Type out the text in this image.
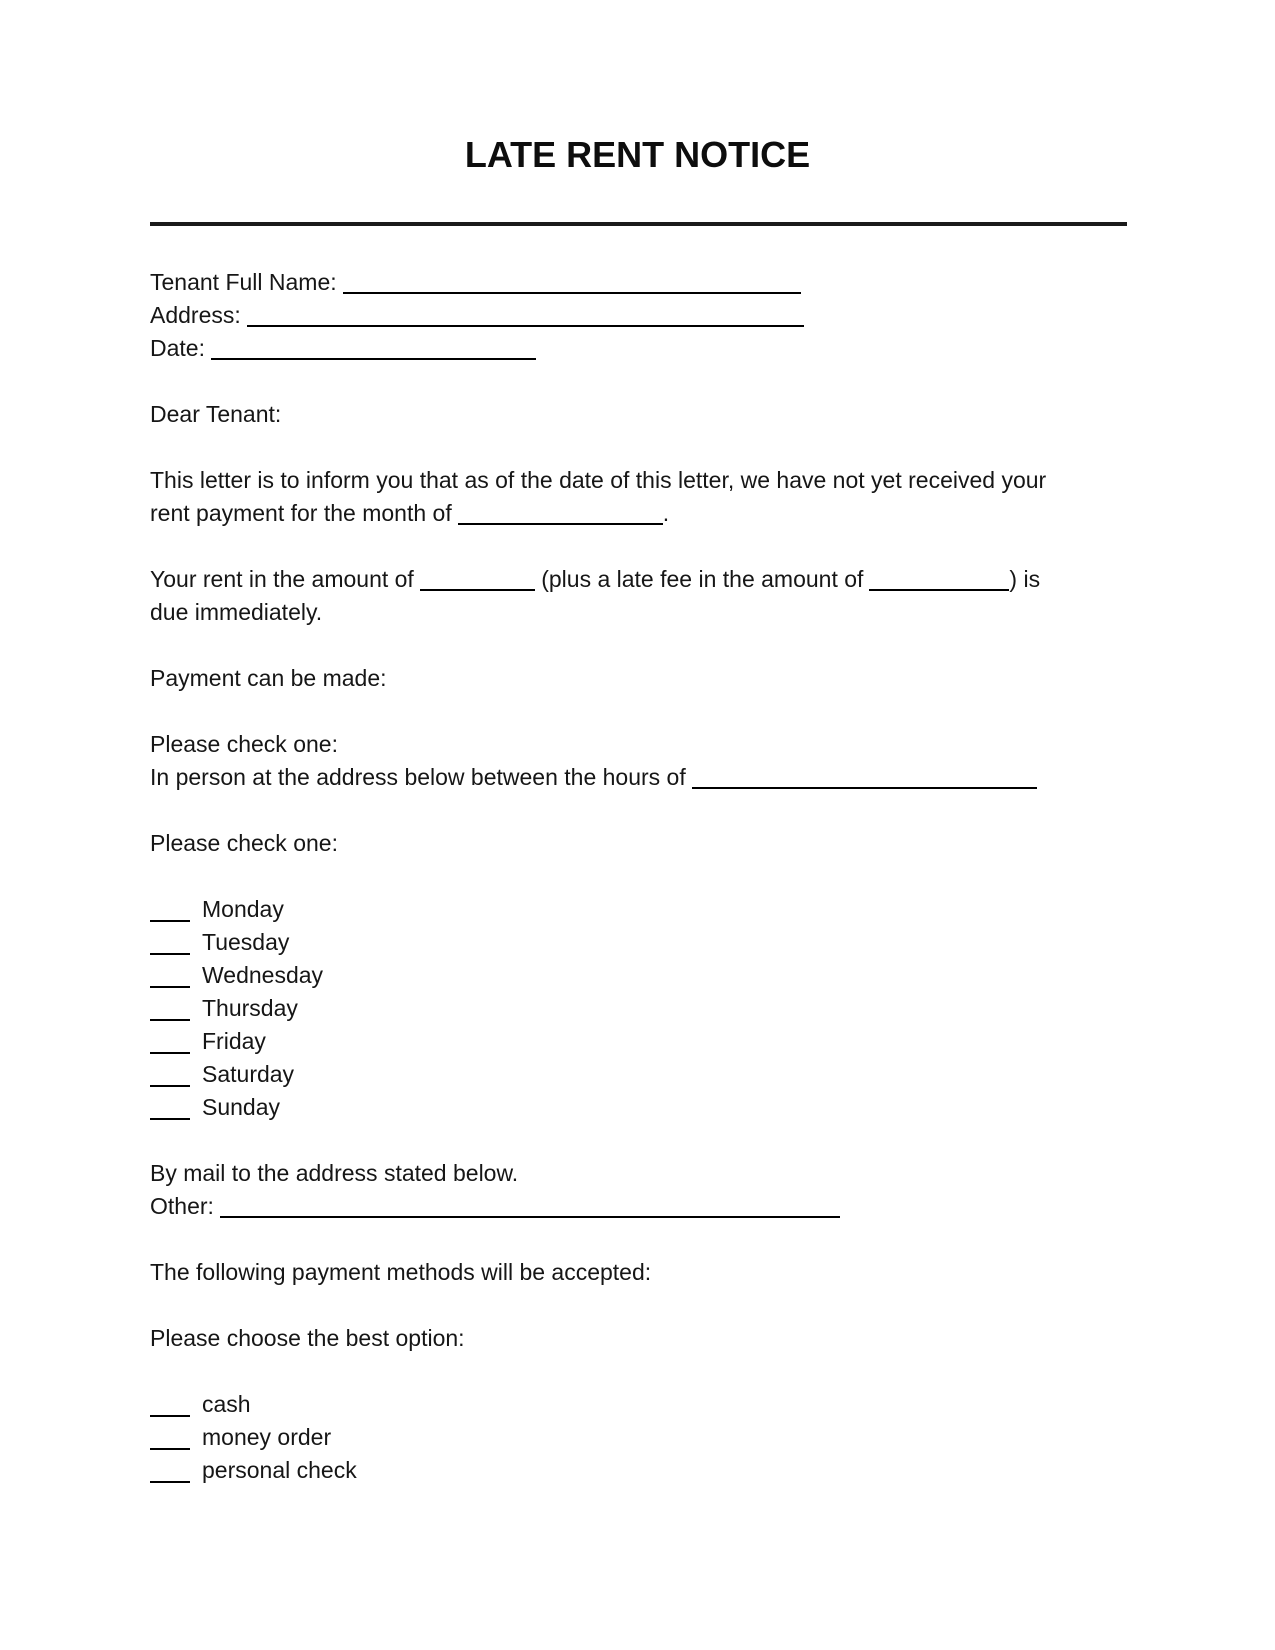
LATE RENT NOTICE
Tenant Full Name:
Address:
Date:
Dear Tenant:
This letter is to inform you that as of the date of this letter, we have not yet received your
rent payment for the month of	.
Your rent in the amount of	(plus a late fee in the amount of	) is
due immediately.
Payment can be made:
Please check one:
In person at the address below between the hours of
Please check one:
Monday
Tuesday
Wednesday
Thursday
Friday
Saturday
Sunday
By mail to the address stated below.
Other:
The following payment methods will be accepted:
Please choose the best option:
cash
money order
personal check
